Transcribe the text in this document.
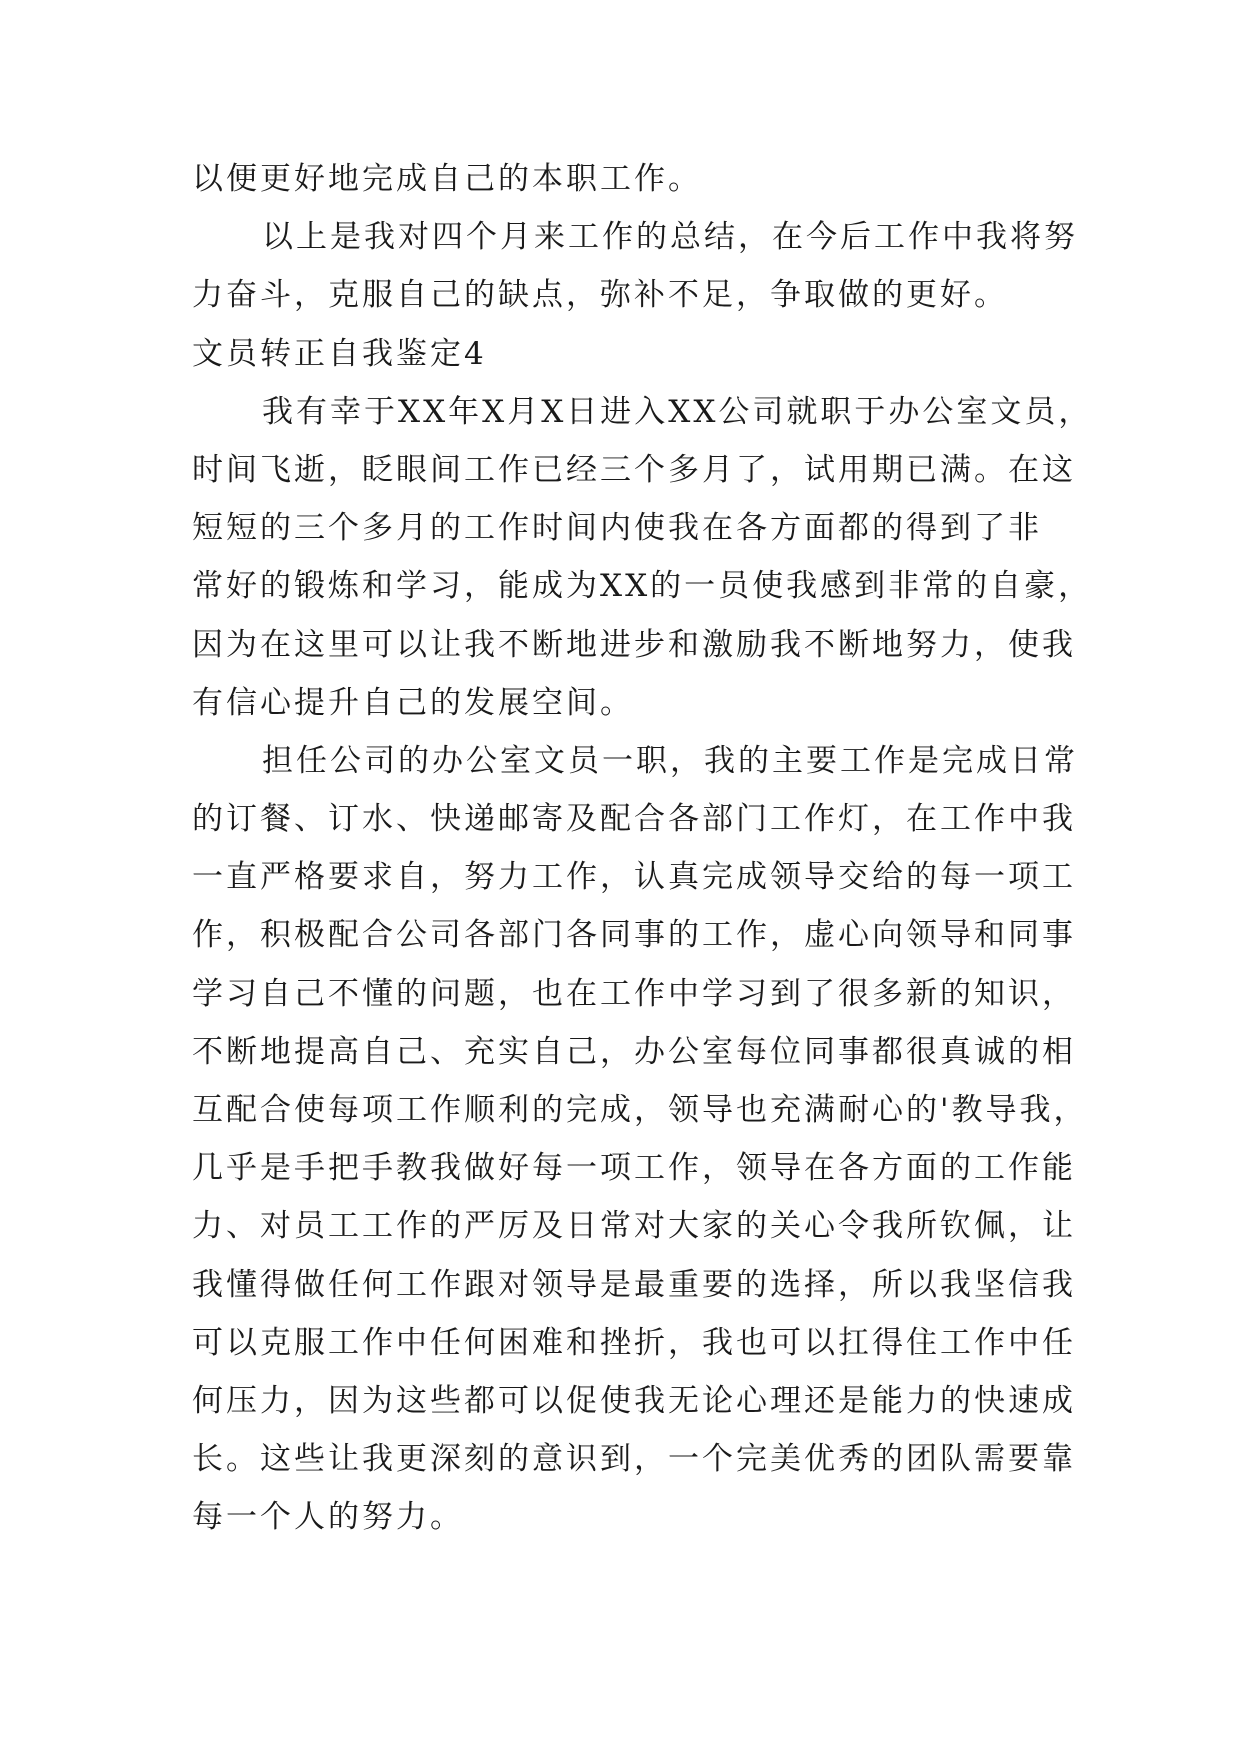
以便更好地完成自己的本职工作。
以上是我对四个月来工作的总结，在今后工作中我将努
力奋斗，克服自己的缺点，弥补不足，争取做的更好。
文员转正自我鉴定4
我有幸于XX年X月X日进入XX公司就职于办公室文员，
时间飞逝，眨眼间工作已经三个多月了，试用期已满。在这
短短的三个多月的工作时间内使我在各方面都的得到了非
常好的锻炼和学习，能成为XX的一员使我感到非常的自豪，
因为在这里可以让我不断地进步和激励我不断地努力，使我
有信心提升自己的发展空间。
担任公司的办公室文员一职，我的主要工作是完成日常
的订餐、订水、快递邮寄及配合各部门工作灯，在工作中我
一直严格要求自，努力工作，认真完成领导交给的每一项工
作，积极配合公司各部门各同事的工作，虚心向领导和同事
学习自己不懂的问题，也在工作中学习到了很多新的知识，
不断地提高自己、充实自己，办公室每位同事都很真诚的相
互配合使每项工作顺利的完成，领导也充满耐心的'教导我，
几乎是手把手教我做好每一项工作，领导在各方面的工作能
力、对员工工作的严厉及日常对大家的关心令我所钦佩，让
我懂得做任何工作跟对领导是最重要的选择，所以我坚信我
可以克服工作中任何困难和挫折，我也可以扛得住工作中任
何压力，因为这些都可以促使我无论心理还是能力的快速成
长。这些让我更深刻的意识到，一个完美优秀的团队需要靠
每一个人的努力。
